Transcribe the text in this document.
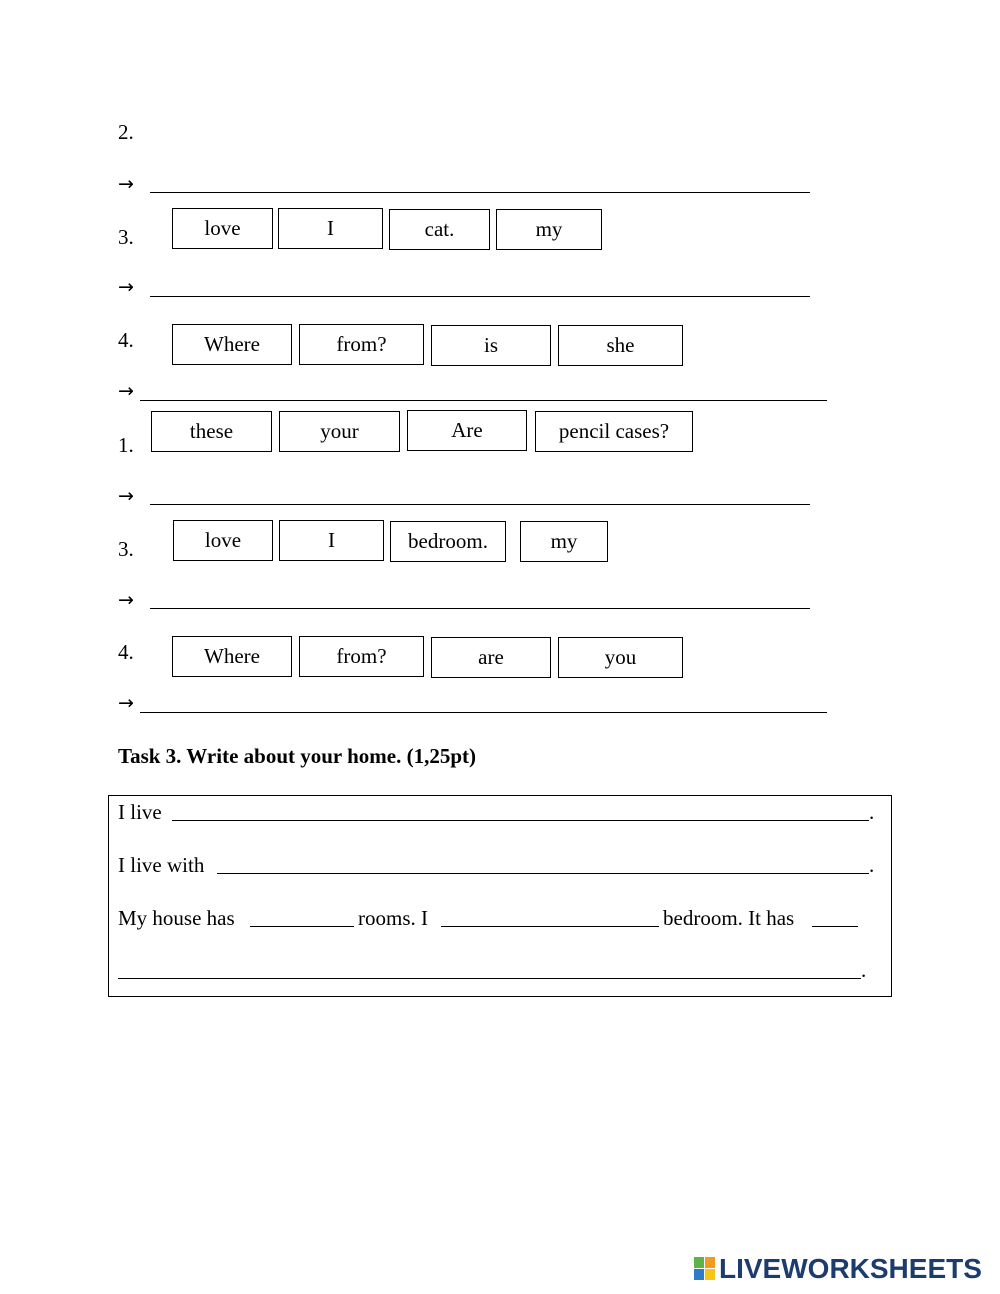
2.
→
3.	love	I	cat.	my
→
4.	Where	from?	is	she
→
1.
these	your	Are	pencil cases?
→
3.	love	I	bedroom.	my
→
4.	Where	from?	are	you
→
Task 3. Write about your home. (1,25pt)
I live	.
I live with	.
My house has	rooms. I	bedroom. It has
.
LIVEWORKSHEETS
